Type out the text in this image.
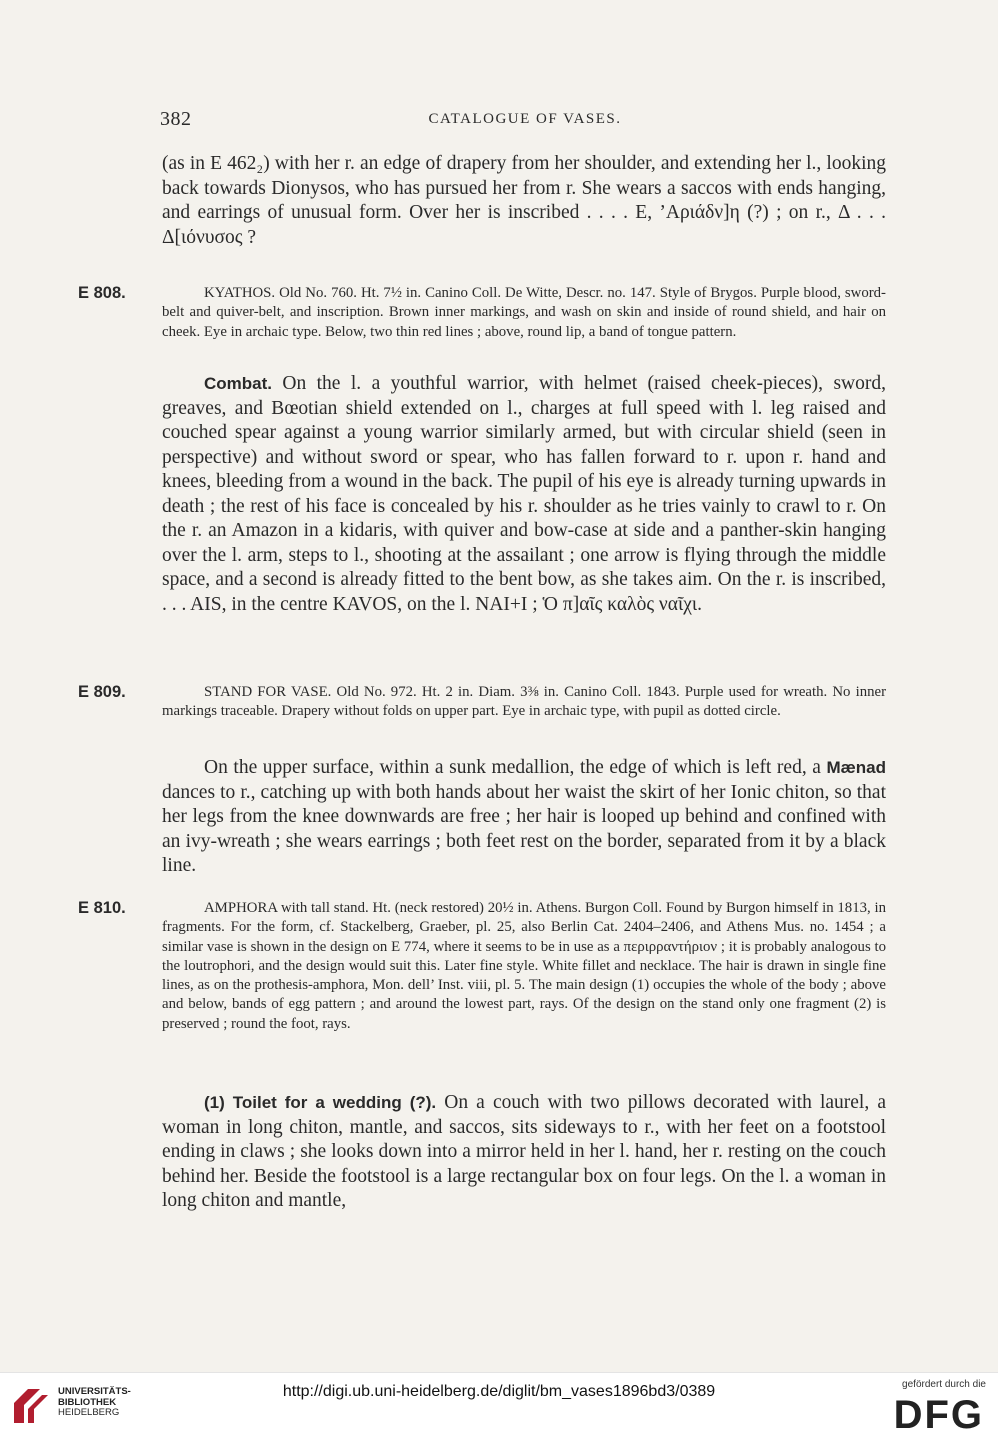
382	CATALOGUE OF VASES.
(as in E 462₂) with her r. an edge of drapery from her shoulder, and extending her l., looking back towards Dionysos, who has pursued her from r. She wears a saccos with ends hanging, and earrings of unusual form. Over her is inscribed . . . . E, ’Αριάδν]η (?) ; on r., Δ . . . Δ[ιόνυσος ?
E 808.	KYATHOS. Old No. 760. Ht. 7½ in. Canino Coll. De Witte, Descr. no. 147. Style of Brygos. Purple blood, sword-belt and quiver-belt, and inscription. Brown inner markings, and wash on skin and inside of round shield, and hair on cheek. Eye in archaic type. Below, two thin red lines ; above, round lip, a band of tongue pattern.
Combat. On the l. a youthful warrior, with helmet (raised cheek-pieces), sword, greaves, and Bœotian shield extended on l., charges at full speed with l. leg raised and couched spear against a young warrior similarly armed, but with circular shield (seen in perspective) and without sword or spear, who has fallen forward to r. upon r. hand and knees, bleeding from a wound in the back. The pupil of his eye is already turning upwards in death ; the rest of his face is concealed by his r. shoulder as he tries vainly to crawl to r. On the r. an Amazon in a kidaris, with quiver and bow-case at side and a panther-skin hanging over the l. arm, steps to l., shooting at the assailant ; one arrow is flying through the middle space, and a second is already fitted to the bent bow, as she takes aim. On the r. is inscribed, . . . AIS, in the centre KAVOS, on the l. NAI+I ; Ὁ π]αῖς καλὸς ναῖχι.
E 809.	STAND FOR VASE. Old No. 972. Ht. 2 in. Diam. 3⅜ in. Canino Coll. 1843. Purple used for wreath. No inner markings traceable. Drapery without folds on upper part. Eye in archaic type, with pupil as dotted circle.
On the upper surface, within a sunk medallion, the edge of which is left red, a Mænad dances to r., catching up with both hands about her waist the skirt of her Ionic chiton, so that her legs from the knee downwards are free ; her hair is looped up behind and confined with an ivy-wreath ; she wears earrings ; both feet rest on the border, separated from it by a black line.
E 810.	AMPHORA with tall stand. Ht. (neck restored) 20½ in. Athens. Burgon Coll. Found by Burgon himself in 1813, in fragments. For the form, cf. Stackelberg, Graeber, pl. 25, also Berlin Cat. 2404–2406, and Athens Mus. no. 1454 ; a similar vase is shown in the design on E 774, where it seems to be in use as a περιρραντήριον ; it is probably analogous to the loutrophori, and the design would suit this. Later fine style. White fillet and necklace. The hair is drawn in single fine lines, as on the prothesis-amphora, Mon. dell’ Inst. viii, pl. 5. The main design (1) occupies the whole of the body ; above and below, bands of egg pattern ; and around the lowest part, rays. Of the design on the stand only one fragment (2) is preserved ; round the foot, rays.
(1) Toilet for a wedding (?). On a couch with two pillows decorated with laurel, a woman in long chiton, mantle, and saccos, sits sideways to r., with her feet on a footstool ending in claws ; she looks down into a mirror held in her l. hand, her r. resting on the couch behind her. Beside the footstool is a large rectangular box on four legs. On the l. a woman in long chiton and mantle,
UNIVERSITÄTS-
BIBLIOTHEK
HEIDELBERG
http://digi.ub.uni-heidelberg.de/diglit/bm_vases1896bd3/0389	gefördert durch die
DFG
